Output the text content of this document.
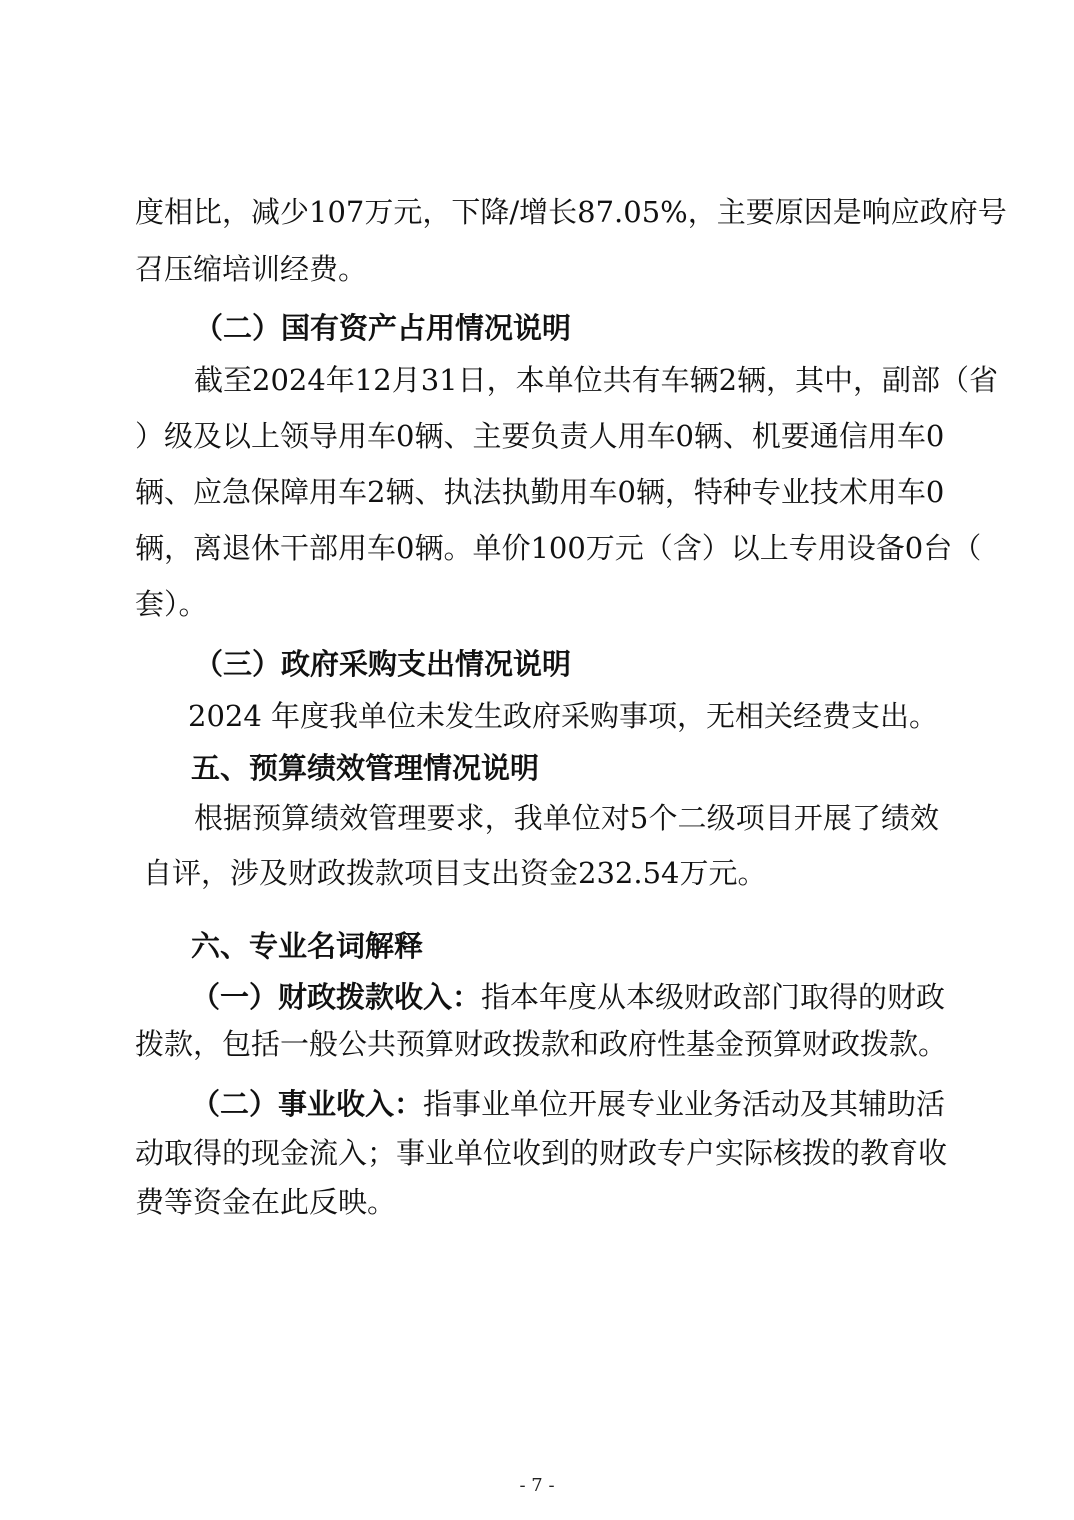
度相比，减少107万元，下降/增长87.05%，主要原因是响应政府号
召压缩培训经费。
（二）国有资产占用情况说明
截至2024年12月31日，本单位共有车辆2辆，其中，副部（省
）级及以上领导用车0辆、主要负责人用车0辆、机要通信用车0
辆、应急保障用车2辆、执法执勤用车0辆，特种专业技术用车0
辆，离退休干部用车0辆。单价100万元（含）以上专用设备0台（
套）。
（三）政府采购支出情况说明
2024 年度我单位未发生政府采购事项，无相关经费支出。
五、预算绩效管理情况说明
根据预算绩效管理要求，我单位对5个二级项目开展了绩效
自评，涉及财政拨款项目支出资金232.54万元。
六、专业名词解释
（一）财政拨款收入： 指本年度从本级财政部门取得的财政
拨款，包括一般公共预算财政拨款和政府性基金预算财政拨款。
（二）事业收入： 指事业单位开展专业业务活动及其辅助活
动取得的现金流入；事业单位收到的财政专户实际核拨的教育收
费等资金在此反映。
- 7 -
